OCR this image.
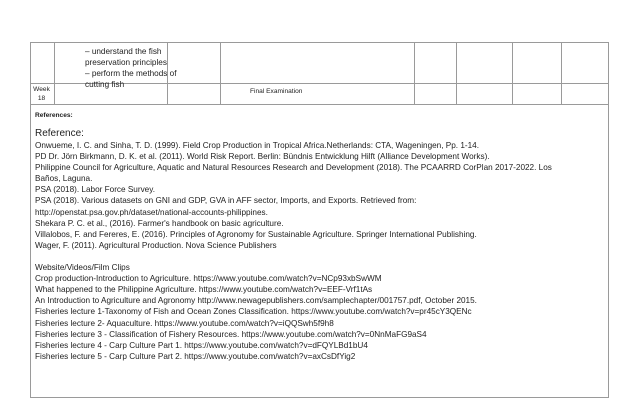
– understand the fish
preservation principles
– perform the methods of
cutting fish
Week
18
Final Examination
References:
Reference:
Onwueme, I. C. and Sinha, T. D. (1999). Field Crop Production in Tropical Africa.Netherlands: CTA, Wageningen, Pp. 1-14.
PD Dr. Jörn Birkmann, D. K. et al. (2011). World Risk Report. Berlin: Bündnis Entwicklung Hilft (Alliance Development Works).
Philippine Council for Agriculture, Aquatic and Natural Resources Research and Development (2018). The PCAARRD CorPlan 2017-2022. Los
Baños, Laguna.
PSA (2018). Labor Force Survey.
PSA (2018). Various datasets on GNI and GDP, GVA in AFF sector, Imports, and Exports. Retrieved from:
http://openstat.psa.gov.ph/dataset/national-accounts-philippines.
Shekara P. C. et al., (2016). Farmer's handbook on basic agriculture.
Villalobos, F. and Fereres, E. (2016). Principles of Agronomy for Sustainable Agriculture. Springer International Publishing.
Wager, F. (2011). Agricultural Production. Nova Science Publishers

Website/Videos/Film Clips
Crop production-Introduction to Agriculture. https://www.youtube.com/watch?v=NCp93xbSwWM
What happened to the Philippine Agriculture. https://www.youtube.com/watch?v=EEF-Vrf1tAs
An Introduction to Agriculture and Agronomy http://www.newagepublishers.com/samplechapter/001757.pdf, October 2015.
Fisheries lecture 1-Taxonomy of Fish and Ocean Zones Classification. https://www.youtube.com/watch?v=pr45cY3QENc
Fisheries lecture 2- Aquaculture. https://www.youtube.com/watch?v=iQQSwh5f9h8
Fisheries lecture 3 - Classification of Fishery Resources. https://www.youtube.com/watch?v=0NnMaFG9aS4
Fisheries lecture 4 - Carp Culture Part 1. https://www.youtube.com/watch?v=dFQYLBd1bU4
Fisheries lecture 5 - Carp Culture Part 2. https://www.youtube.com/watch?v=axCsDfYig2
